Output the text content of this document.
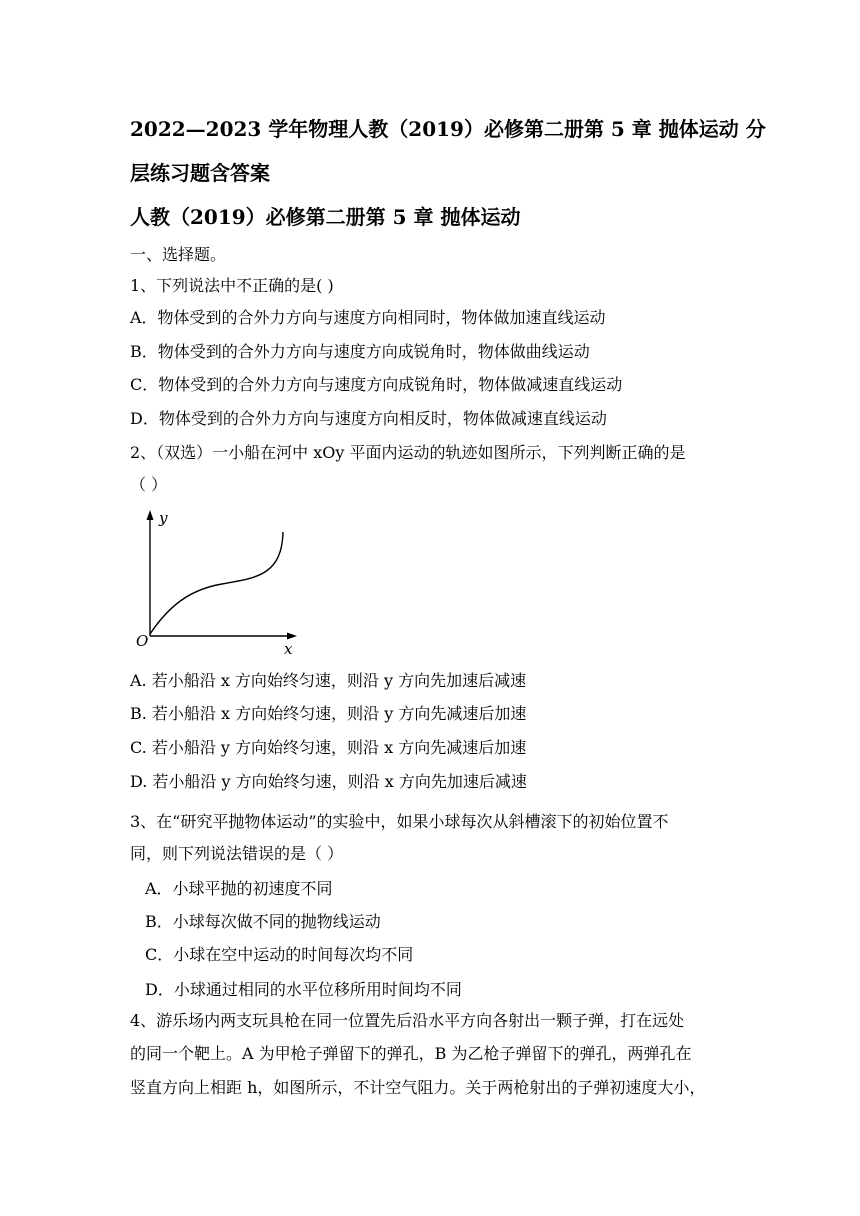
2022—2023 学年物理人教（2019）必修第二册第 5 章 抛体运动 分
层练习题含答案
人教（2019）必修第二册第 5 章 抛体运动
一、选择题。
1、下列说法中不正确的是( )
A．物体受到的合外力方向与速度方向相同时，物体做加速直线运动
B．物体受到的合外力方向与速度方向成锐角时，物体做曲线运动
C．物体受到的合外力方向与速度方向成锐角时，物体做减速直线运动
D．物体受到的合外力方向与速度方向相反时，物体做减速直线运动
2、（双选）一小船在河中 xOy 平面内运动的轨迹如图所示，下列判断正确的是
（ ）
y
x
O
A. 若小船沿 x 方向始终匀速，则沿 y 方向先加速后减速
B. 若小船沿 x 方向始终匀速，则沿 y 方向先减速后加速
C. 若小船沿 y 方向始终匀速，则沿 x 方向先减速后加速
D. 若小船沿 y 方向始终匀速，则沿 x 方向先加速后减速
3、在“研究平抛物体运动”的实验中，如果小球每次从斜槽滚下的初始位置不
同，则下列说法错误的是（ ）
A．小球平抛的初速度不同
B．小球每次做不同的抛物线运动
C．小球在空中运动的时间每次均不同
D．小球通过相同的水平位移所用时间均不同
4、游乐场内两支玩具枪在同一位置先后沿水平方向各射出一颗子弹，打在远处
的同一个靶上。A 为甲枪子弹留下的弹孔，B 为乙枪子弹留下的弹孔，两弹孔在
竖直方向上相距 h，如图所示，不计空气阻力。关于两枪射出的子弹初速度大小，
